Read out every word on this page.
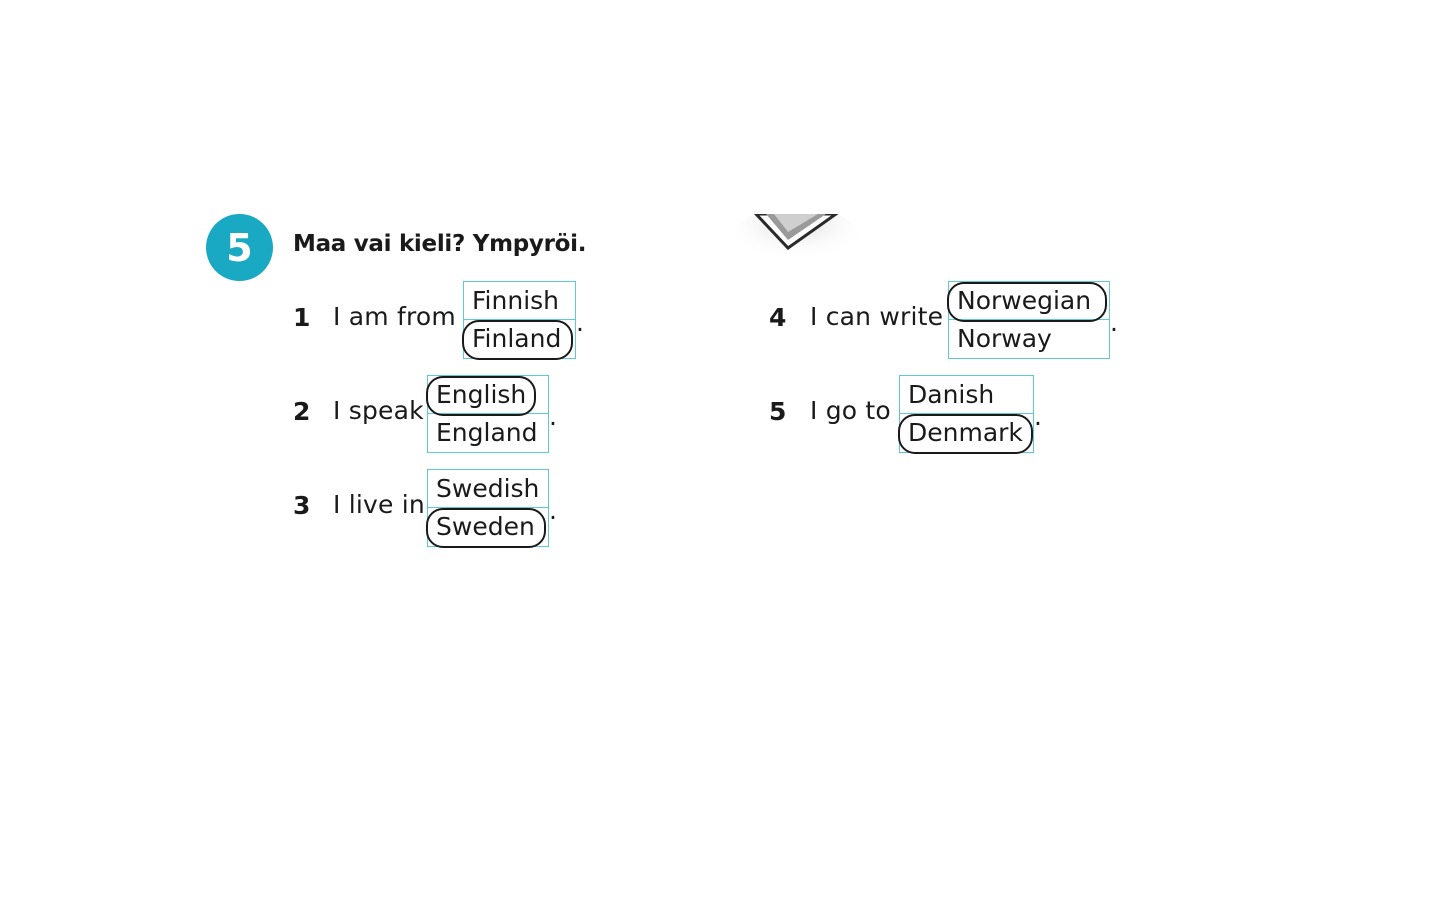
5 Maa vai kieli? Ympyröi.
1 I am from
Finnish
Finland
.
2 I speak
English
England
.
3 I live in
Swedish
Sweden
.
4 I can write
Norwegian
Norway
.
5 I go to
Danish
Denmark
.
